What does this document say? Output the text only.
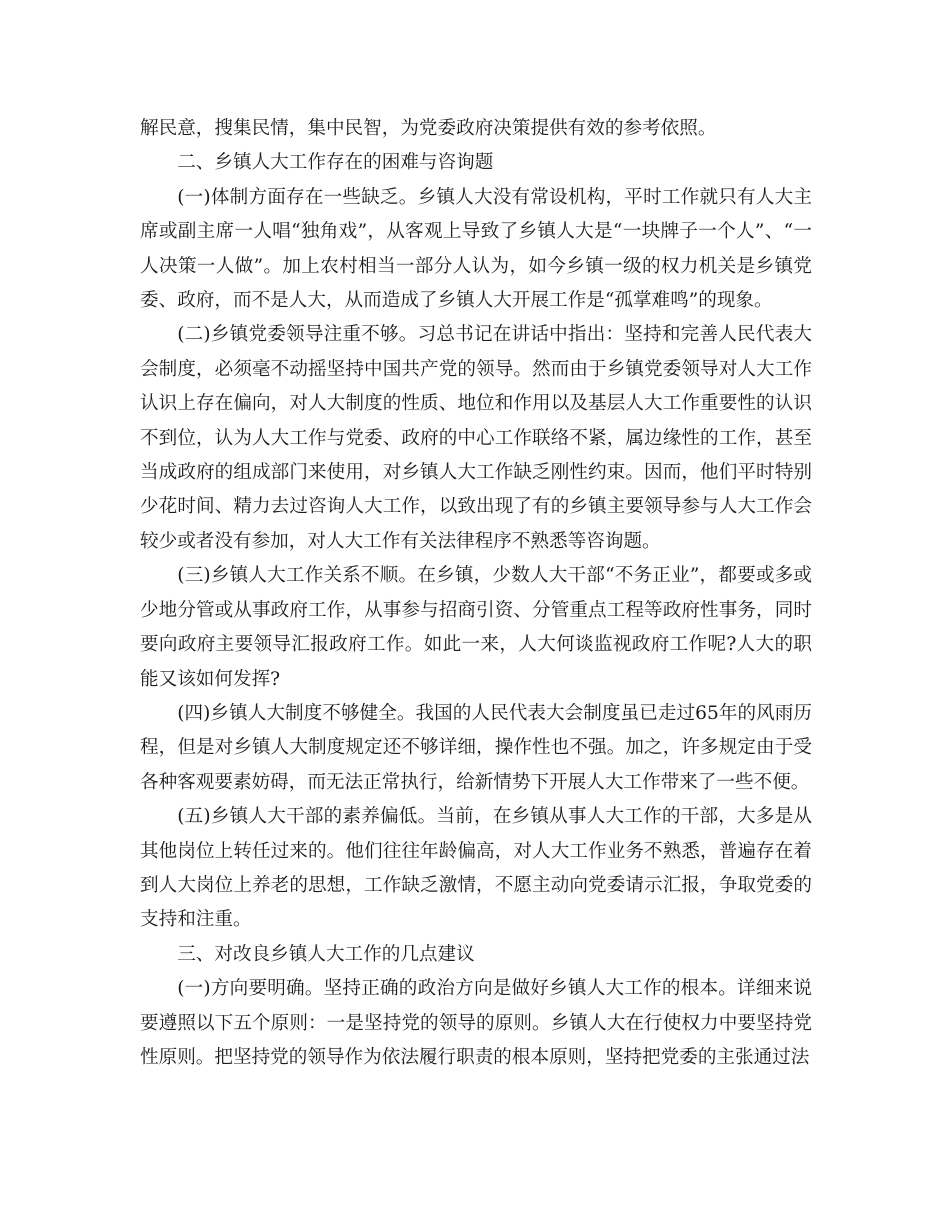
解民意，搜集民情，集中民智，为党委政府决策提供有效的参考依照。

二、乡镇人大工作存在的困难与咨询题

(一)体制方面存在一些缺乏。乡镇人大没有常设机构，平时工作就只有人大主席或副主席一人唱“独角戏”，从客观上导致了乡镇人大是“一块牌子一个人”、“一人决策一人做”。加上农村相当一部分人认为，如今乡镇一级的权力机关是乡镇党委、政府，而不是人大，从而造成了乡镇人大开展工作是“孤掌难鸣”的现象。

(二)乡镇党委领导注重不够。习总书记在讲话中指出：坚持和完善人民代表大会制度，必须毫不动摇坚持中国共产党的领导。然而由于乡镇党委领导对人大工作认识上存在偏向，对人大制度的性质、地位和作用以及基层人大工作重要性的认识不到位，认为人大工作与党委、政府的中心工作联络不紧，属边缘性的工作，甚至当成政府的组成部门来使用，对乡镇人大工作缺乏刚性约束。因而，他们平时特别少花时间、精力去过咨询人大工作，以致出现了有的乡镇主要领导参与人大工作会较少或者没有参加，对人大工作有关法律程序不熟悉等咨询题。

(三)乡镇人大工作关系不顺。在乡镇，少数人大干部“不务正业”，都要或多或少地分管或从事政府工作，从事参与招商引资、分管重点工程等政府性事务，同时要向政府主要领导汇报政府工作。如此一来，人大何谈监视政府工作呢?人大的职能又该如何发挥?

(四)乡镇人大制度不够健全。我国的人民代表大会制度虽已走过65年的风雨历程，但是对乡镇人大制度规定还不够详细，操作性也不强。加之，许多规定由于受各种客观要素妨碍，而无法正常执行，给新情势下开展人大工作带来了一些不便。

(五)乡镇人大干部的素养偏低。当前，在乡镇从事人大工作的干部，大多是从其他岗位上转任过来的。他们往往年龄偏高，对人大工作业务不熟悉，普遍存在着到人大岗位上养老的思想，工作缺乏激情，不愿主动向党委请示汇报，争取党委的支持和注重。

三、对改良乡镇人大工作的几点建议

(一)方向要明确。坚持正确的政治方向是做好乡镇人大工作的根本。详细来说要遵照以下五个原则：一是坚持党的领导的原则。乡镇人大在行使权力中要坚持党性原则。把坚持党的领导作为依法履行职责的根本原则，坚持把党委的主张通过法
